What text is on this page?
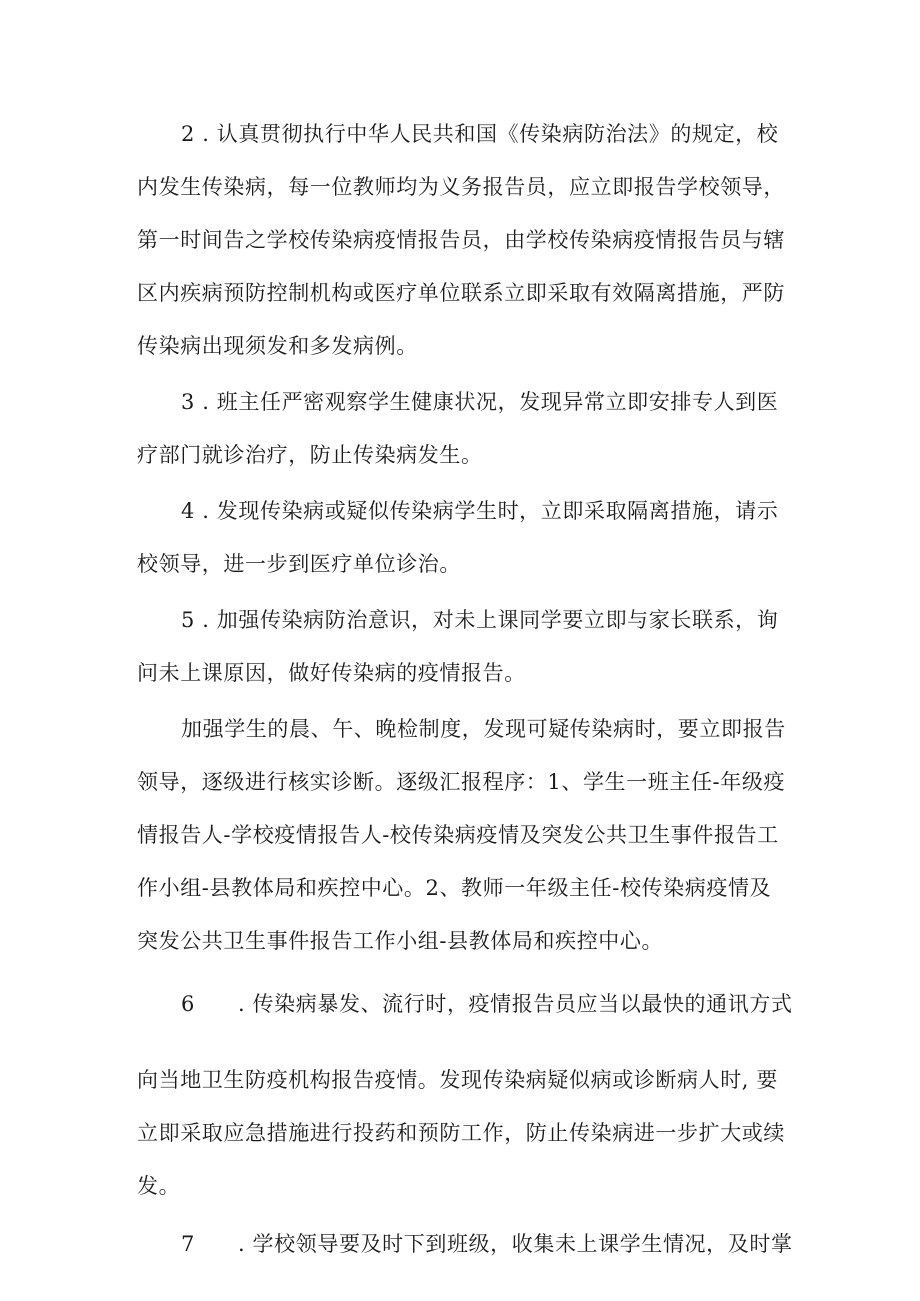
2 . 认真贯彻执行中华人民共和国《传染病防治法》的规定，校
内发生传染病，每一位教师均为义务报告员，应立即报告学校领导，
第一时间告之学校传染病疫情报告员，由学校传染病疫情报告员与辖
区内疾病预防控制机构或医疗单位联系立即采取有效隔离措施，严防
传染病出现须发和多发病例。
3 . 班主任严密观察学生健康状况，发现异常立即安排专人到医
疗部门就诊治疗，防止传染病发生。
4 . 发现传染病或疑似传染病学生时，立即采取隔离措施，请示
校领导，进一步到医疗单位诊治。
5 . 加强传染病防治意识，对未上课同学要立即与家长联系，询
问未上课原因，做好传染病的疫情报告。
加强学生的晨、午、晚检制度，发现可疑传染病时，要立即报告
领导，逐级进行核实诊断。逐级汇报程序：1、学生一班主任-年级疫
情报告人-学校疫情报告人-校传染病疫情及突发公共卫生事件报告工
作小组-县教体局和疾控中心。2、教师一年级主任-校传染病疫情及
突发公共卫生事件报告工作小组-县教体局和疾控中心。
6 . 传染病暴发、流行时，疫情报告员应当以最快的通讯方式
向当地卫生防疫机构报告疫情。发现传染病疑似病或诊断病人时, 要
立即采取应急措施进行投药和预防工作，防止传染病进一步扩大或续
发。
7 . 学校领导要及时下到班级，收集未上课学生情况，及时掌
